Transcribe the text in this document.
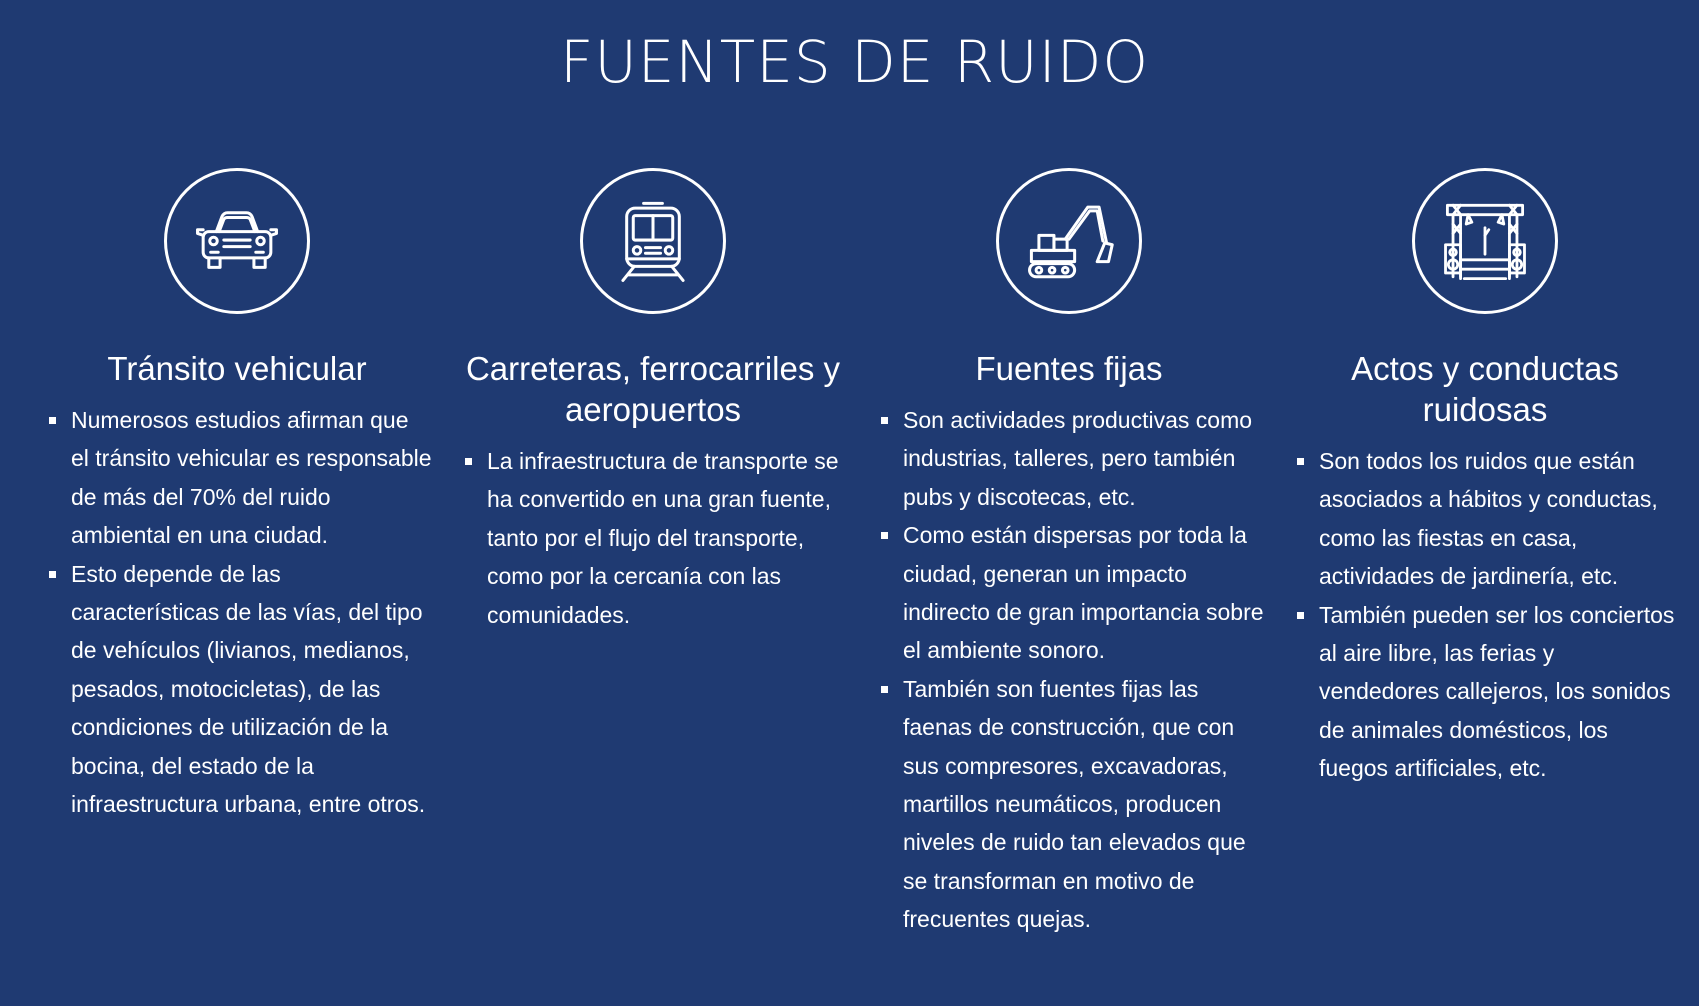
FUENTES DE RUIDO
Tránsito vehicular
Numerosos estudios afirman que el tránsito vehicular es responsable de más del 70% del ruido ambiental en una ciudad.
Esto depende de las características de las vías, del tipo de vehículos (livianos, medianos, pesados, motocicletas), de las condiciones de utilización de la bocina, del estado de la infraestructura urbana, entre otros.
Carreteras, ferrocarriles y aeropuertos
La infraestructura de transporte se ha convertido en una gran fuente, tanto por el flujo del transporte, como por la cercanía con las comunidades.
Fuentes fijas
Son actividades productivas como industrias, talleres, pero también pubs y discotecas, etc.
Como están dispersas por toda la ciudad, generan un impacto indirecto de gran importancia sobre el ambiente sonoro.
También son fuentes fijas las faenas de construcción, que con sus compresores, excavadoras, martillos neumáticos, producen niveles de ruido tan elevados que se transforman en motivo de frecuentes quejas.
Actos y conductas ruidosas
Son todos los ruidos que están asociados a hábitos y conductas, como las fiestas en casa, actividades de jardinería, etc.
También pueden ser los conciertos al aire libre, las ferias y vendedores callejeros, los sonidos de animales domésticos, los fuegos artificiales, etc.
